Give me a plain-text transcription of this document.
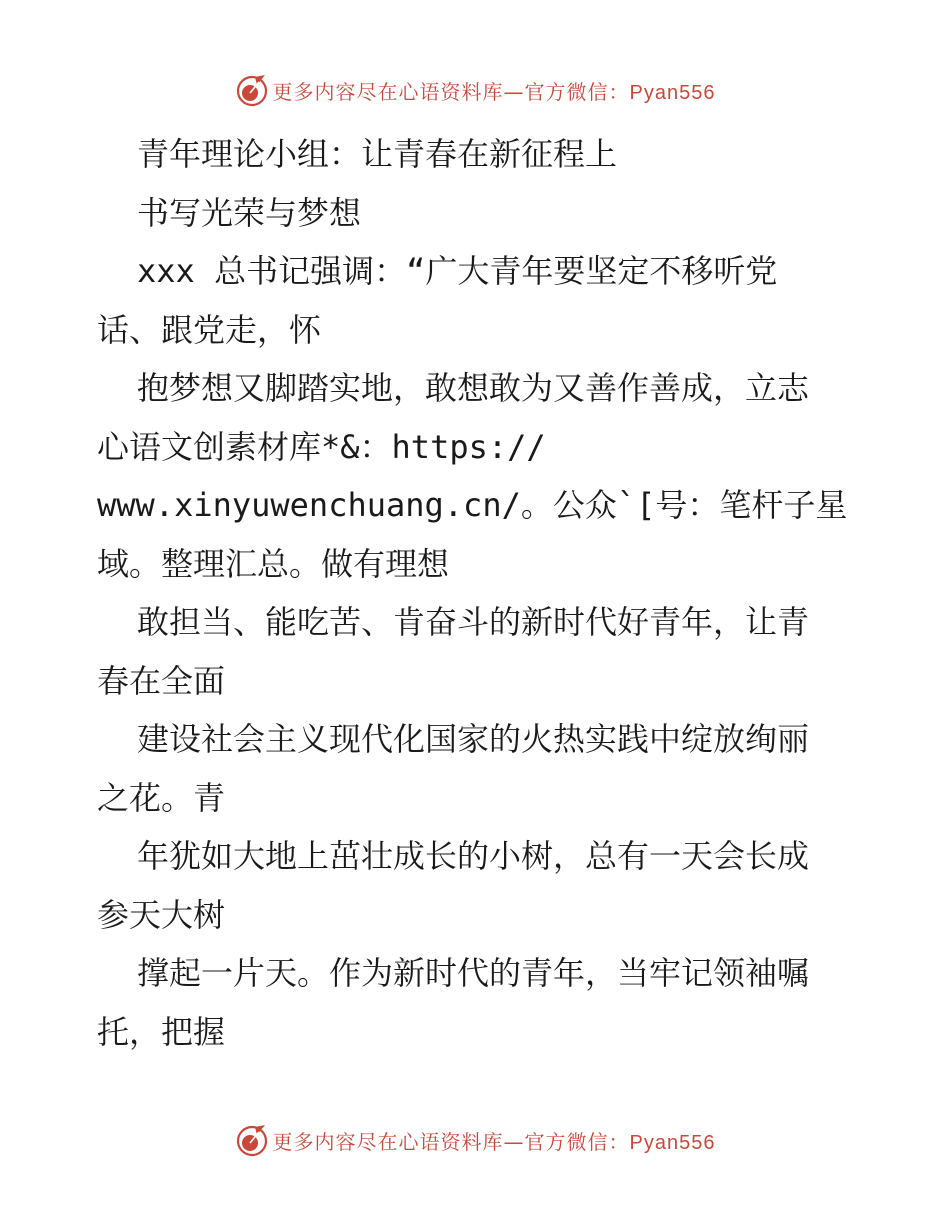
更多内容尽在心语资料库—官方微信：Pyan556
青年理论小组：让青春在新征程上
书写光荣与梦想
xxx 总书记强调：“广大青年要坚定不移听党
话、跟党走，怀
抱梦想又脚踏实地，敢想敢为又善作善成，立志
心语文创素材库*&：https://
www.xinyuwenchuang.cn/。公众`[号：笔杆子星
域。整理汇总。做有理想
敢担当、能吃苦、肯奋斗的新时代好青年，让青
春在全面
建设社会主义现代化国家的火热实践中绽放绚丽
之花。青
年犹如大地上茁壮成长的小树，总有一天会长成
参天大树
撑起一片天。作为新时代的青年，当牢记领袖嘱
托，把握
更多内容尽在心语资料库—官方微信：Pyan556
